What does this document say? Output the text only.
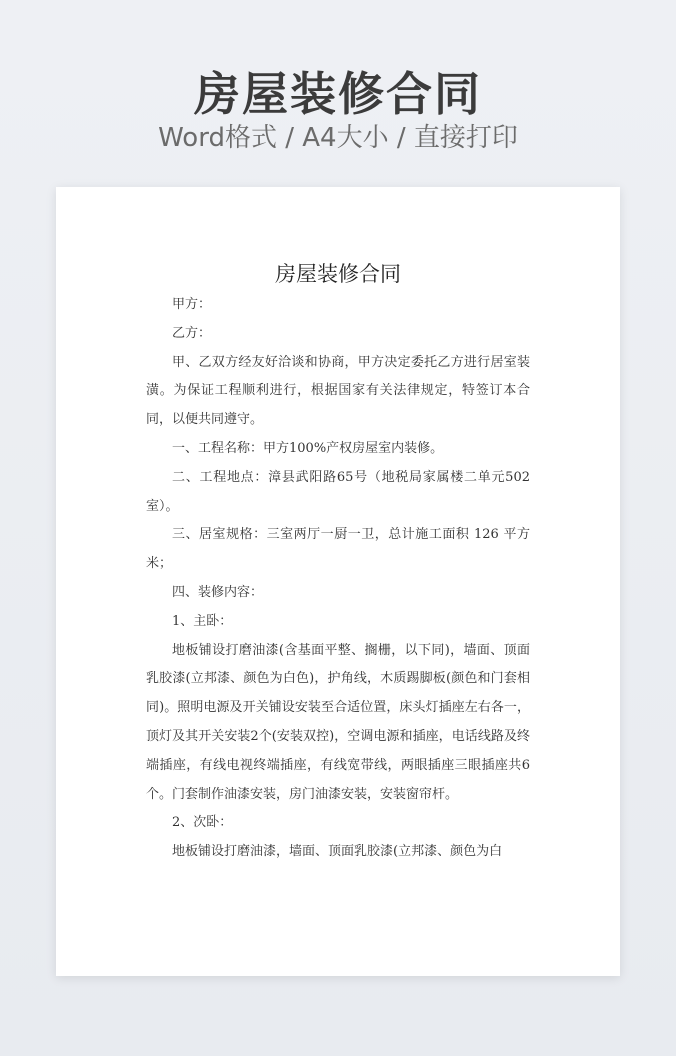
房屋装修合同
Word格式 / A4大小 / 直接打印
房屋装修合同

甲方：

乙方：

甲、乙双方经友好洽谈和协商，甲方决定委托乙方进行居室装潢。为保证工程顺利进行，根据国家有关法律规定，特签订本合同，以便共同遵守。

一、工程名称：甲方100%产权房屋室内装修。

二、工程地点：漳县武阳路65号（地税局家属楼二单元502室）。

三、居室规格：三室两厅一厨一卫，总计施工面积 126 平方米；

四、装修内容：

1、主卧：

地板铺设打磨油漆(含基面平整、搁栅，以下同)，墙面、顶面乳胶漆(立邦漆、颜色为白色)，护角线，木质踢脚板(颜色和门套相同)。照明电源及开关铺设安装至合适位置，床头灯插座左右各一，顶灯及其开关安装2个(安装双控)，空调电源和插座，电话线路及终端插座，有线电视终端插座，有线宽带线，两眼插座三眼插座共6个。门套制作油漆安装，房门油漆安装，安装窗帘杆。

2、次卧：

地板铺设打磨油漆，墙面、顶面乳胶漆(立邦漆、颜色为白
